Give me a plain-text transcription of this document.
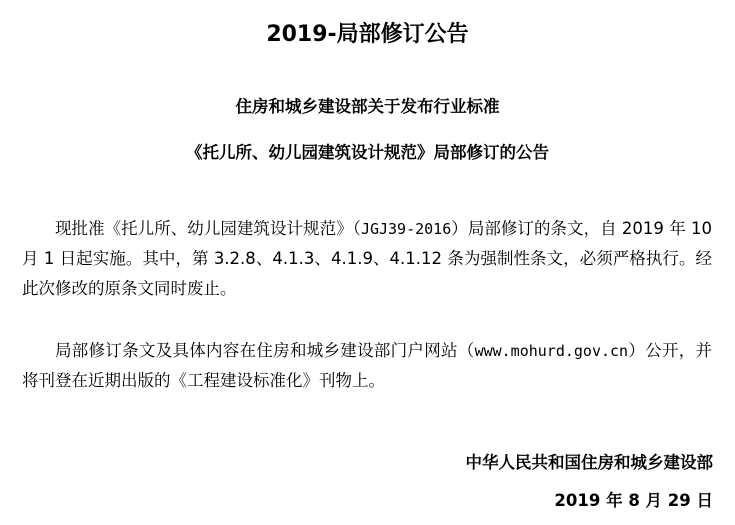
2019-局部修订公告

住房和城乡建设部关于发布行业标准

《托儿所、幼儿园建筑设计规范》局部修订的公告

现批准《托儿所、幼儿园建筑设计规范》（JGJ39-2016）局部修订的条文，自 2019 年 10 月 1 日起实施。其中，第 3.2.8、4.1.3、4.1.9、4.1.12 条为强制性条文，必须严格执行。经此次修改的原条文同时废止。

局部修订条文及具体内容在住房和城乡建设部门户网站（www.mohurd.gov.cn）公开，并将刊登在近期出版的《工程建设标准化》刊物上。

中华人民共和国住房和城乡建设部

2019 年 8 月 29 日
